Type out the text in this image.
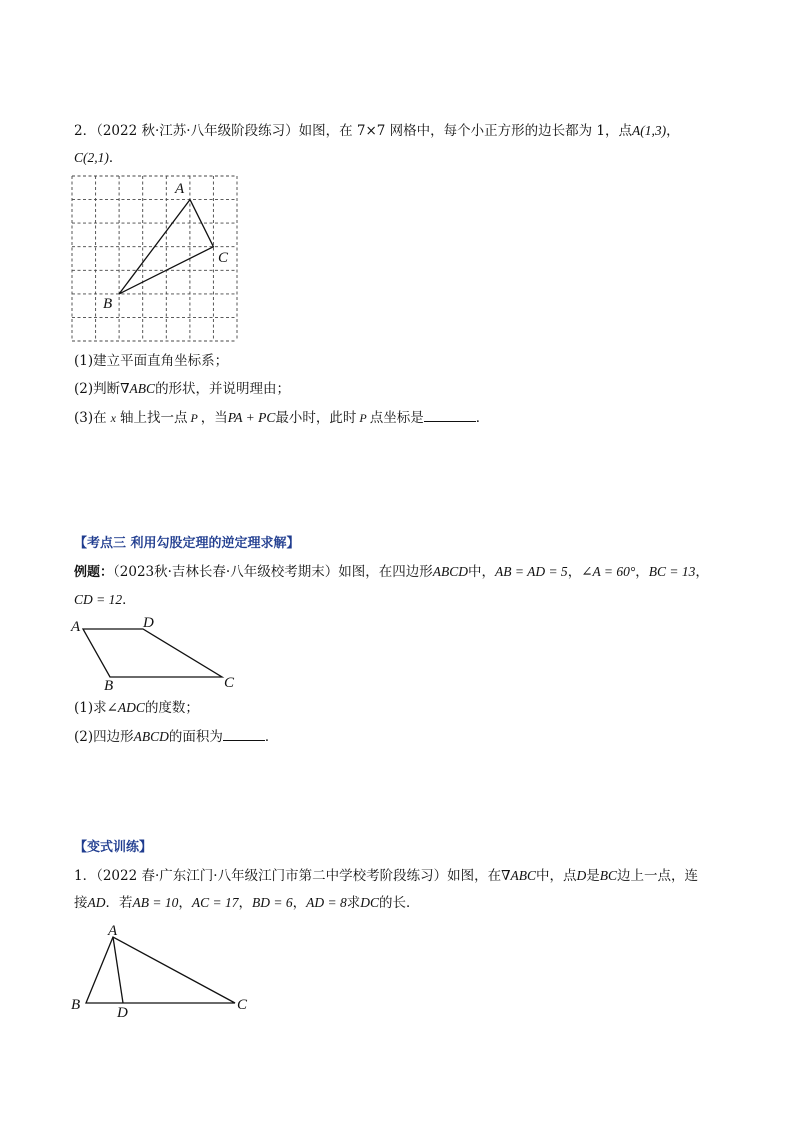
2．（2022 秋·江苏·八年级阶段练习）如图，在 7×7 网格中，每个小正方形的边长都为 1，点A(1,3)，
C(2,1)．
A
C
B
(1)建立平面直角坐标系；
(2)判断∇ABC的形状，并说明理由；
(3)在 x 轴上找一点 P ，当PA + PC最小时，此时 P 点坐标是	．
【考点三 利用勾股定理的逆定理求解】
例题：（2023秋·吉林长春·八年级校考期末）如图，在四边形ABCD中，AB = AD = 5，∠A = 60°，BC = 13，
CD = 12．
A	D
C
B
(1)求∠ADC的度数；
(2)四边形ABCD的面积为	．
【变式训练】
1．（2022 春·广东江门·八年级江门市第二中学校考阶段练习）如图，在∇ABC中，点D是BC边上一点，连
接AD．若AB = 10，AC = 17，BD = 6，AD = 8求DC的长．
A
B	C
D
